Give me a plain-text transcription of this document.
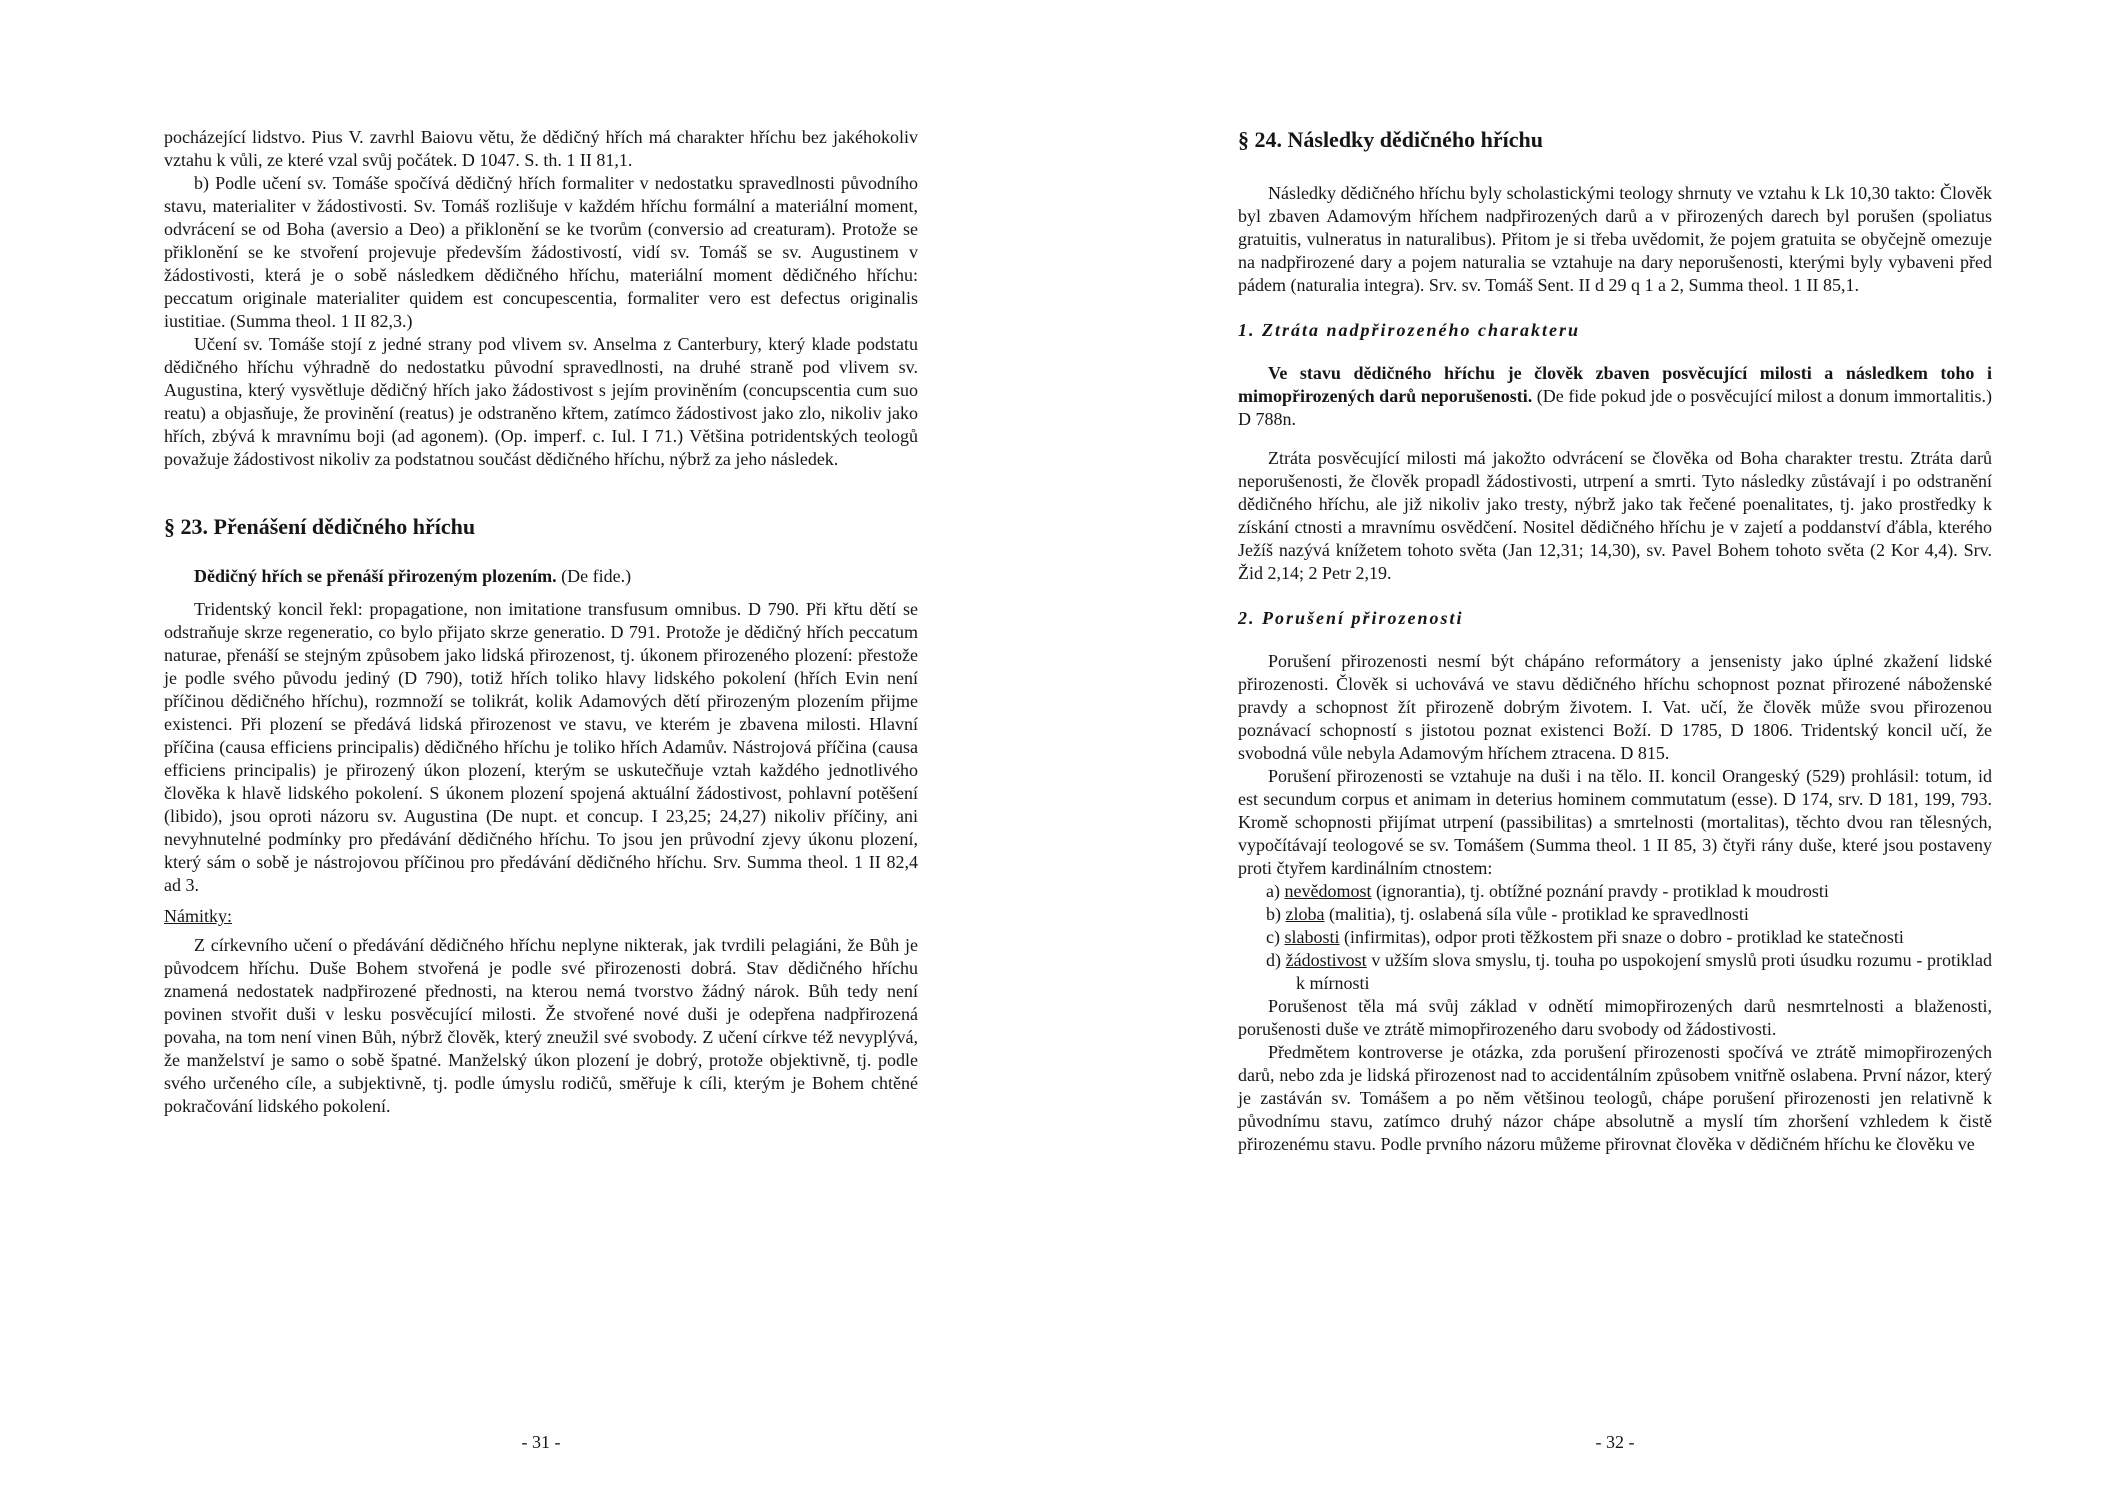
pocházející lidstvo. Pius V. zavrhl Baiovu větu, že dědičný hřích má charakter hříchu bez jakéhokoliv vztahu k vůli, ze které vzal svůj počátek. D 1047. S. th. 1 II 81,1.

b) Podle učení sv. Tomáše spočívá dědičný hřích formaliter v nedostatku spravedlnosti původního stavu, materialiter v žádostivosti. Sv. Tomáš rozlišuje v každém hříchu formální a materiální moment, odvrácení se od Boha (aversio a Deo) a přiklonění se ke tvorům (conversio ad creaturam). Protože se přiklonění se ke stvoření projevuje především žádostivostí, vidí sv. Tomáš se sv. Augustinem v žádostivosti, která je o sobě následkem dědičného hříchu, materiální moment dědičného hříchu: peccatum originale materialiter quidem est concupescentia, formaliter vero est defectus originalis iustitiae. (Summa theol. 1 II 82,3.)

Učení sv. Tomáše stojí z jedné strany pod vlivem sv. Anselma z Canterbury, který klade podstatu dědičného hříchu výhradně do nedostatku původní spravedlnosti, na druhé straně pod vlivem sv. Augustina, který vysvětluje dědičný hřích jako žádostivost s jejím proviněním (concupscentia cum suo reatu) a objasňuje, že provinění (reatus) je odstraněno křtem, zatímco žádostivost jako zlo, nikoliv jako hřích, zbývá k mravnímu boji (ad agonem). (Op. imperf. c. Iul. I 71.) Většina potridentských teologů považuje žádostivost nikoliv za podstatnou součást dědičného hříchu, nýbrž za jeho následek.

§ 23. Přenášení dědičného hříchu

Dědičný hřích se přenáší přirozeným plozením. (De fide.)

Tridentský koncil řekl: propagatione, non imitatione transfusum omnibus. D 790. Při křtu dětí se odstraňuje skrze regeneratio, co bylo přijato skrze generatio. D 791. Protože je dědičný hřích peccatum naturae, přenáší se stejným způsobem jako lidská přirozenost, tj. úkonem přirozeného plození: přestože je podle svého původu jediný (D 790), totiž hřích toliko hlavy lidského pokolení (hřích Evin není příčinou dědičného hříchu), rozmnoží se tolikrát, kolik Adamových dětí přirozeným plozením přijme existenci. Při plození se předává lidská přirozenost ve stavu, ve kterém je zbavena milosti. Hlavní příčina (causa efficiens principalis) dědičného hříchu je toliko hřích Adamův. Nástrojová příčina (causa efficiens principalis) je přirozený úkon plození, kterým se uskutečňuje vztah každého jednotlivého člověka k hlavě lidského pokolení. S úkonem plození spojená aktuální žádostivost, pohlavní potěšení (libido), jsou oproti názoru sv. Augustina (De nupt. et concup. I 23,25; 24,27) nikoliv příčiny, ani nevyhnutelné podmínky pro předávání dědičného hříchu. To jsou jen průvodní zjevy úkonu plození, který sám o sobě je nástrojovou příčinou pro předávání dědičného hříchu. Srv. Summa theol. 1 II 82,4 ad 3.

Námitky:

Z církevního učení o předávání dědičného hříchu neplyne nikterak, jak tvrdili pelagiáni, že Bůh je původcem hříchu. Duše Bohem stvořená je podle své přirozenosti dobrá. Stav dědičného hříchu znamená nedostatek nadpřirozené přednosti, na kterou nemá tvorstvo žádný nárok. Bůh tedy není povinen stvořit duši v lesku posvěcující milosti. Že stvořené nové duši je odepřena nadpřirozená povaha, na tom není vinen Bůh, nýbrž člověk, který zneužil své svobody. Z učení církve též nevyplývá, že manželství je samo o sobě špatné. Manželský úkon plození je dobrý, protože objektivně, tj. podle svého určeného cíle, a subjektivně, tj. podle úmyslu rodičů, směřuje k cíli, kterým je Bohem chtěné pokračování lidského pokolení.

- 31 -
§ 24. Následky dědičného hříchu

Následky dědičného hříchu byly scholastickými teology shrnuty ve vztahu k Lk 10,30 takto: Člověk byl zbaven Adamovým hříchem nadpřirozených darů a v přirozených darech byl porušen (spoliatus gratuitis, vulneratus in naturalibus). Přitom je si třeba uvědomit, že pojem gratuita se obyčejně omezuje na nadpřirozené dary a pojem naturalia se vztahuje na dary neporušenosti, kterými byly vybaveni před pádem (naturalia integra). Srv. sv. Tomáš Sent. II d 29 q 1 a 2, Summa theol. 1 II 85,1.

1. Ztráta nadpřirozeného charakteru

Ve stavu dědičného hříchu je člověk zbaven posvěcující milosti a následkem toho i mimopřirozených darů neporušenosti. (De fide pokud jde o posvěcující milost a donum immortalitis.) D 788n.

Ztráta posvěcující milosti má jakožto odvrácení se člověka od Boha charakter trestu. Ztráta darů neporušenosti, že člověk propadl žádostivosti, utrpení a smrti. Tyto následky zůstávají i po odstranění dědičného hříchu, ale již nikoliv jako tresty, nýbrž jako tak řečené poenalitates, tj. jako prostředky k získání ctnosti a mravnímu osvědčení. Nositel dědičného hříchu je v zajetí a poddanství ďábla, kterého Ježíš nazývá knížetem tohoto světa (Jan 12,31; 14,30), sv. Pavel Bohem tohoto světa (2 Kor 4,4). Srv. Žid 2,14; 2 Petr 2,19.

2. Porušení přirozenosti

Porušení přirozenosti nesmí být chápáno reformátory a jensenisty jako úplné zkažení lidské přirozenosti. Člověk si uchovává ve stavu dědičného hříchu schopnost poznat přirozené náboženské pravdy a schopnost žít přirozeně dobrým životem. I. Vat. učí, že člověk může svou přirozenou poznávací schopností s jistotou poznat existenci Boží. D 1785, D 1806. Tridentský koncil učí, že svobodná vůle nebyla Adamovým hříchem ztracena. D 815.

Porušení přirozenosti se vztahuje na duši i na tělo. II. koncil Orangeský (529) prohlásil: totum, id est secundum corpus et animam in deterius hominem commutatum (esse). D 174, srv. D 181, 199, 793. Kromě schopnosti přijímat utrpení (passibilitas) a smrtelnosti (mortalitas), těchto dvou ran tělesných, vypočítávají teologové se sv. Tomášem (Summa theol. 1 II 85, 3) čtyři rány duše, které jsou postaveny proti čtyřem kardinálním ctnostem:

a) nevědomost (ignorantia), tj. obtížné poznání pravdy - protiklad k moudrosti
b) zloba (malitia), tj. oslabená síla vůle - protiklad ke spravedlnosti
c) slabosti (infirmitas), odpor proti těžkostem při snaze o dobro - protiklad ke statečnosti
d) žádostivost v užším slova smyslu, tj. touha po uspokojení smyslů proti úsudku rozumu - protiklad k mírnosti

Porušenost těla má svůj základ v odnětí mimopřirozených darů nesmrtelnosti a blaženosti, porušenosti duše ve ztrátě mimopřirozeného daru svobody od žádostivosti.

Předmětem kontroverse je otázka, zda porušení přirozenosti spočívá ve ztrátě mimopřirozených darů, nebo zda je lidská přirozenost nad to accidentálním způsobem vnitřně oslabena. První názor, který je zastáván sv. Tomášem a po něm většinou teologů, chápe porušení přirozenosti jen relativně k původnímu stavu, zatímco druhý názor chápe absolutně a myslí tím zhoršení vzhledem k čistě přirozenému stavu. Podle prvního názoru můžeme přirovnat člověka v dědičném hříchu ke člověku ve

- 32 -
